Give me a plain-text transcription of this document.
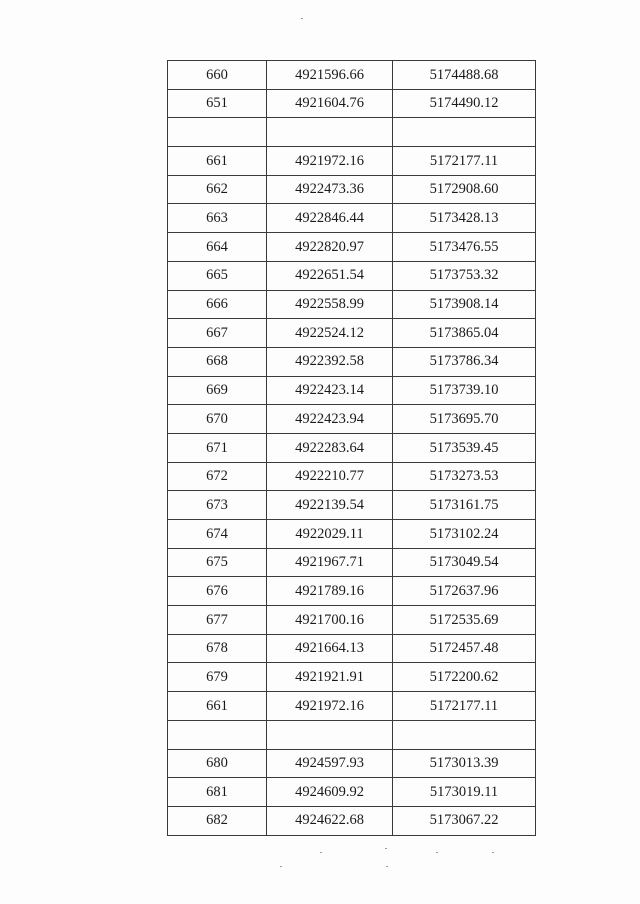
660	4921596.66	5174488.68
651	4921604.76	5174490.12

661	4921972.16	5172177.11
662	4922473.36	5172908.60
663	4922846.44	5173428.13
664	4922820.97	5173476.55
665	4922651.54	5173753.32
666	4922558.99	5173908.14
667	4922524.12	5173865.04
668	4922392.58	5173786.34
669	4922423.14	5173739.10
670	4922423.94	5173695.70
671	4922283.64	5173539.45
672	4922210.77	5173273.53
673	4922139.54	5173161.75
674	4922029.11	5173102.24
675	4921967.71	5173049.54
676	4921789.16	5172637.96
677	4921700.16	5172535.69
678	4921664.13	5172457.48
679	4921921.91	5172200.62
661	4921972.16	5172177.11

680	4924597.93	5173013.39
681	4924609.92	5173019.11
682	4924622.68	5173067.22
